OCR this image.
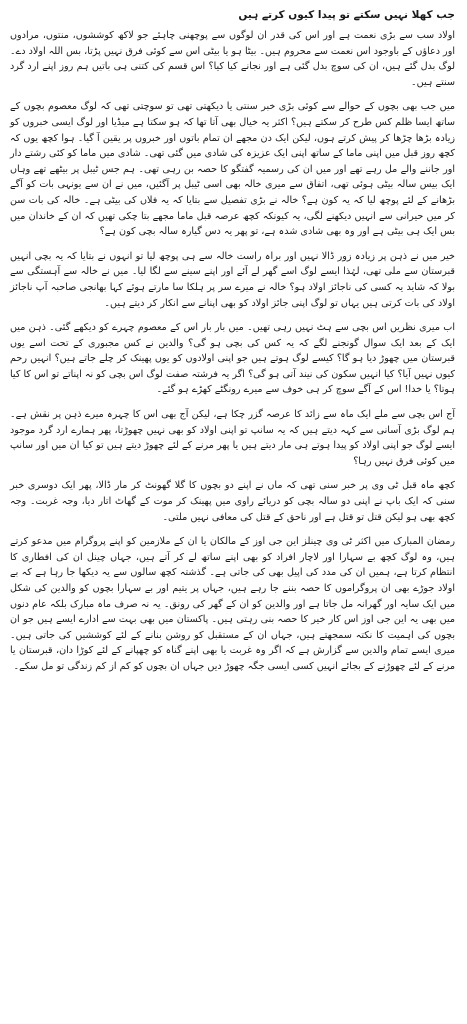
جب کھلا نہیں سکتے تو پیدا کیوں کرتے ہیں

اولاد سب سے بڑی نعمت ہے اور اس کی قدر ان لوگوں سے پوچھنی چاہئے جو لاکھ کوششوں، منتوں، مرادوں اور دعاؤں کے باوجود اس نعمت سے محروم ہیں۔ بیٹا ہو یا بیٹی اس سے کوئی فرق نہیں پڑتا، بس اللہ اولاد دے۔ لوگ بدل گئے ہیں، ان کی سوچ بدل گئی ہے اور نجانے کیا کیا؟ اس قسم کی کتنی ہی باتیں ہم روز اپنے ارد گرد سنتے ہیں۔

میں جب بھی بچوں کے حوالے سے کوئی بڑی خبر سنتی یا دیکھتی تھی تو سوچتی تھی کہ لوگ معصوم بچوں کے ساتھ ایسا ظلم کس طرح کر سکتے ہیں؟ اکثر یہ خیال بھی آتا تھا کہ ہو سکتا ہے میڈیا اور لوگ ایسی خبروں کو زیادہ بڑھا چڑھا کر پیش کرتے ہوں، لیکن ایک دن مجھے ان تمام باتوں اور خبروں پر یقین آ گیا۔ ہوا کچھ یوں کہ کچھ روز قبل میں اپنی ماما کے ساتھ اپنی ایک عزیزہ کی شادی میں گئی تھی۔ شادی میں ماما کو کئی رشتے دار اور جاننے والے مل رہے تھے اور میں ان کی رسمیہ گفتگو کا حصہ بن رہی تھی۔ ہم جس ٹیبل پر بیٹھے تھے وہاں ایک بیس سالہ بیٹی ہوئی تھی، اتفاق سے میری خالہ بھی اسی ٹیبل پر آگئیں، میں نے ان سے یونہی بات کو آگے بڑھانے کے لئے پوچھ لیا کہ یہ کون ہے؟ خالہ نے بڑی تفصیل سے بتایا کہ یہ فلاں کی بیٹی ہے۔ خالہ کی بات سن کر میں حیرانی سے انہیں دیکھنے لگی، یہ کیونکہ کچھ عرصہ قبل ماما مجھے بتا چکی تھیں کہ ان کے خاندان میں بس ایک ہی بیٹی ہے اور وہ بھی شادی شدہ ہے، تو پھر یہ دس گیارہ سالہ بچی کون ہے؟

خیر میں نے ذہن پر زیادہ زور ڈالا نہیں اور براہ راست خالہ سے ہی پوچھ لیا تو انہوں نے بتایا کہ یہ بچی انہیں قبرستان سے ملی تھی، لہٰذا ایسے لوگ اسے گھر لے آئے اور اپنے سینے سے لگا لیا۔ میں نے خالہ سے آہستگی سے بولا کہ شاید یہ کسی کی ناجائز اولاد ہو؟ خالہ نے میرے سر پر ہلکا سا مارتے ہوئے کہا بھانجی صاحبہ آپ ناجائز اولاد کی بات کرتی ہیں یہاں تو لوگ اپنی جائز اولاد کو بھی اپنانے سے انکار کر دیتے ہیں۔

اب میری نظریں اس بچی سے ہٹ نہیں رہی تھیں۔ میں بار بار اس کے معصوم چہرے کو دیکھے گئی۔ ذہن میں ایک کے بعد ایک سوال گونجنے لگے کہ یہ کس کی بچی ہو گی؟ والدین نے کس مجبوری کے تحت اسے یوں قبرستان میں چھوڑ دیا ہو گا؟ کیسے لوگ ہوتے ہیں جو اپنی اولادوں کو یوں پھینک کر چلے جاتے ہیں؟ انہیں رحم کیوں نہیں آیا؟ کیا انہیں سکون کی نیند آتی ہو گی؟ اگر یہ فرشتہ صفت لوگ اس بچی کو نہ اپناتے تو اس کا کیا ہوتا؟ یا خدا! اس کے آگے سوچ کر ہی خوف سے میرے رونگٹے کھڑے ہو گئے۔

آج اس بچی سے ملے ایک ماہ سے زائد کا عرصہ گزر چکا ہے، لیکن آج بھی اس کا چہرہ میرے ذہن پر نقش ہے۔ ہم لوگ بڑی آسانی سے کہہ دیتے ہیں کہ یہ سانپ تو اپنی اولاد کو بھی نہیں چھوڑتا، پھر ہمارے ارد گرد موجود ایسے لوگ جو اپنی اولاد کو پیدا ہوتے ہی مار دیتے ہیں یا پھر مرنے کے لئے چھوڑ دیتے ہیں تو کیا ان میں اور سانپ میں کوئی فرق نہیں رہا؟

کچھ ماہ قبل ٹی وی پر خبر سنی تھی کہ ماں نے اپنے دو بچوں کا گلا گھونٹ کر مار ڈالا، پھر ایک دوسری خبر سنی کہ ایک باپ نے اپنی دو سالہ بچی کو دریائے راوی میں پھینک کر موت کے گھاٹ اتار دیا، وجہ غربت۔ وجہ کچھ بھی ہو لیکن قتل تو قتل ہے اور ناحق کے قتل کی معافی نہیں ملتی۔

رمضان المبارک میں اکثر ٹی وی چینلز این جی اوز کے مالکان یا ان کے ملازمین کو اپنے پروگرام میں مدعو کرتے ہیں، وہ لوگ کچھ بے سہارا اور لاچار افراد کو بھی اپنے ساتھ لے کر آتے ہیں، جہاں چینل ان کی افطاری کا انتظام کرتا ہے، ہمیں ان کی مدد کی اپیل بھی کی جاتی ہے۔ گذشتہ کچھ سالوں سے یہ دیکھا جا رہا ہے کہ بے اولاد جوڑے بھی ان پروگراموں کا حصہ بننے جا رہے ہیں، جہاں پر یتیم اور بے سہارا بچوں کو والدین کی شکل میں ایک سایہ اور گھرانہ مل جاتا ہے اور والدین کو ان کے گھر کی رونق۔ یہ نہ صرف ماہ مبارک بلکہ عام دنوں میں بھی یہ این جی اوز اس کار خیر کا حصہ بنی رہتی ہیں۔ پاکستان میں بھی بہت سے ادارے ایسے ہیں جو ان بچوں کی اہمیت کا نکتہ سمجھتے ہیں، جہاں ان کے مستقبل کو روشن بنانے کے لئے کوششیں کی جاتی ہیں۔ میری ایسے تمام والدین سے گزارش ہے کہ اگر وہ غربت یا بھی اپنے گناہ کو چھپانے کے لئے کوڑا دان، قبرستان یا مرنے کے لئے چھوڑنے کے بجائے انہیں کسی ایسی جگہ چھوڑ دیں جہاں ان بچوں کو کم از کم زندگی تو مل سکے۔
